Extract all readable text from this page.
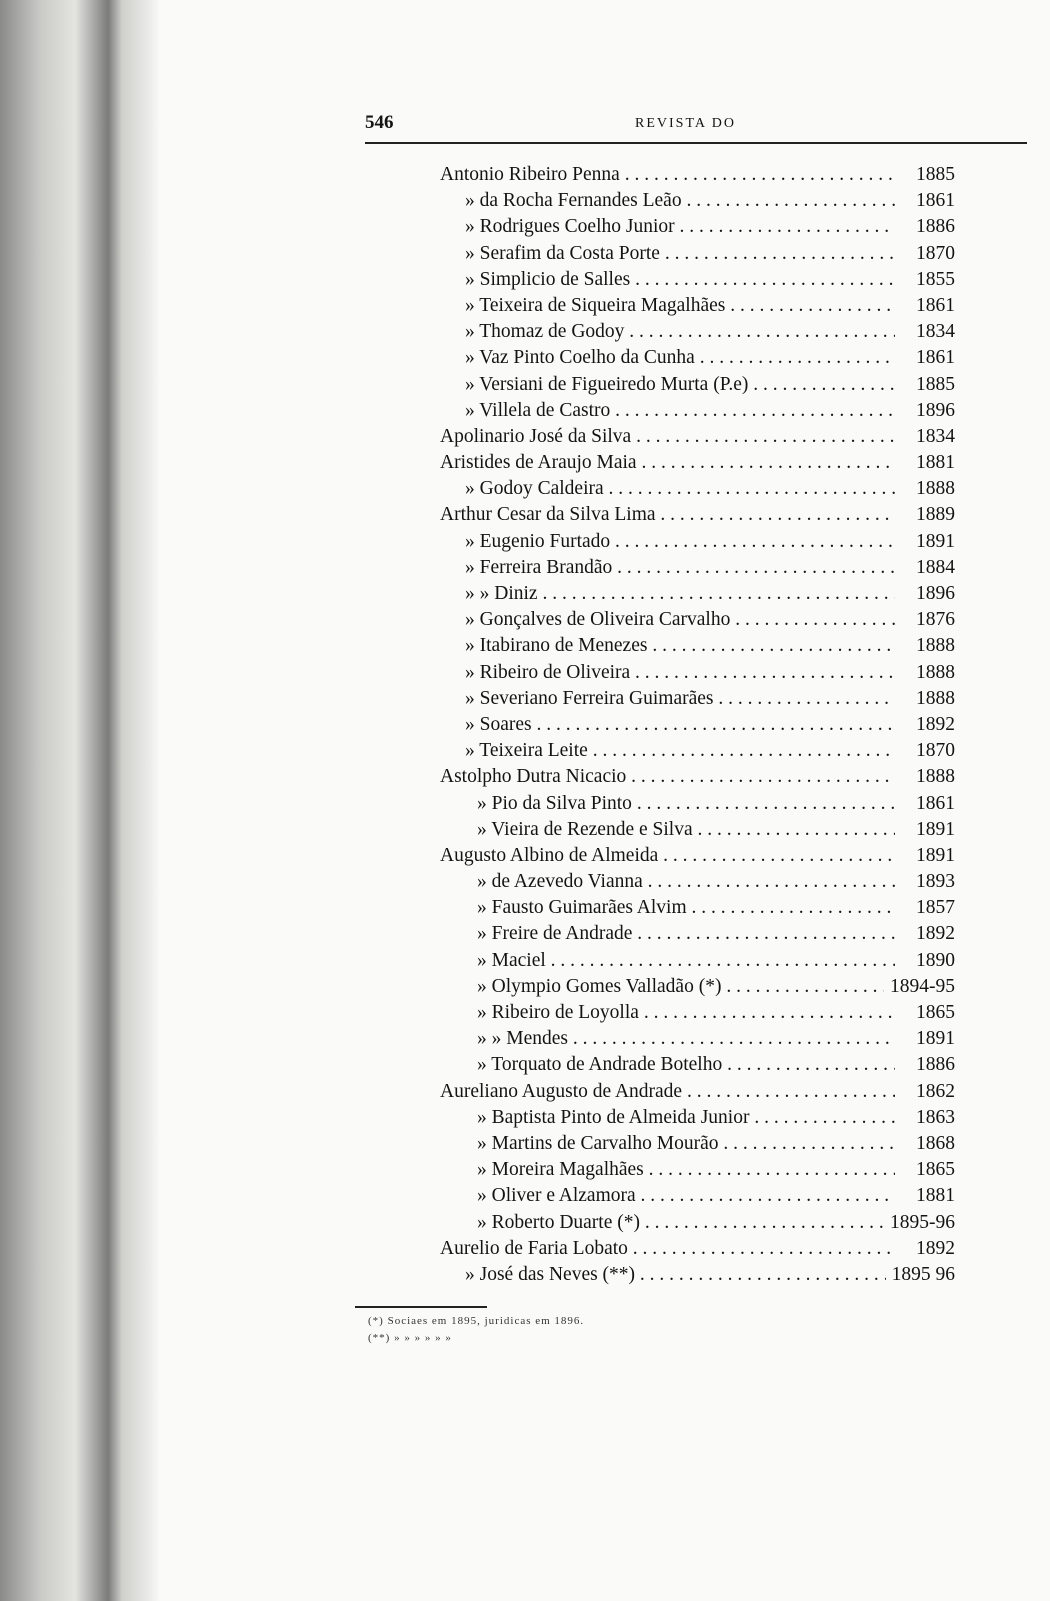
546	REVISTA DO
Antonio Ribeiro Penna . . .	1885
» da Rocha Fernandes Leão . . .	1861
» Rodrigues Coelho Junior . . .	1886
» Serafim da Costa Porte . . .	1870
» Simplicio de Salles . . .	1855
» Teixeira de Siqueira Magalhães . . .	1861
» Thomaz de Godoy . . .	1834
» Vaz Pinto Coelho da Cunha . . .	1861
» Versiani de Figueiredo Murta (P.e) . . .	1885
» Villela de Castro . . .	1896
Apolinario José da Silva . . .	1834
Aristides de Araujo Maia . . .	1881
» Godoy Caldeira . . .	1888
Arthur Cesar da Silva Lima . . .	1889
» Eugenio Furtado . . .	1891
» Ferreira Brandão . . .	1884
» » Diniz . . .	1896
» Gonçalves de Oliveira Carvalho . . .	1876
» Itabirano de Menezes . . .	1888
» Ribeiro de Oliveira . . .	1888
» Severiano Ferreira Guimarães . . .	1888
» Soares . . .	1892
» Teixeira Leite . . .	1870
Astolpho Dutra Nicacio . . .	1888
» Pio da Silva Pinto . . .	1861
» Vieira de Rezende e Silva . . .	1891
Augusto Albino de Almeida . . .	1891
» de Azevedo Vianna . . .	1893
» Fausto Guimarães Alvim . . .	1857
» Freire de Andrade . . .	1892
» Maciel . . .	1890
» Olympio Gomes Valladão (*) . . .	1894-95
» Ribeiro de Loyolla . . .	1865
» » Mendes . . .	1891
» Torquato de Andrade Botelho . . .	1886
Aureliano Augusto de Andrade . . .	1862
» Baptista Pinto de Almeida Junior . . .	1863
» Martins de Carvalho Mourão . . .	1868
» Moreira Magalhães . . .	1865
» Oliver e Alzamora . . .	1881
» Roberto Duarte (*) . . .	1895-96
Aurelio de Faria Lobato . . .	1892
» José das Neves (**) . . .	1895 96
(*) Sociaes em 1895, juridicas em 1896.
(**) » » » » » »
